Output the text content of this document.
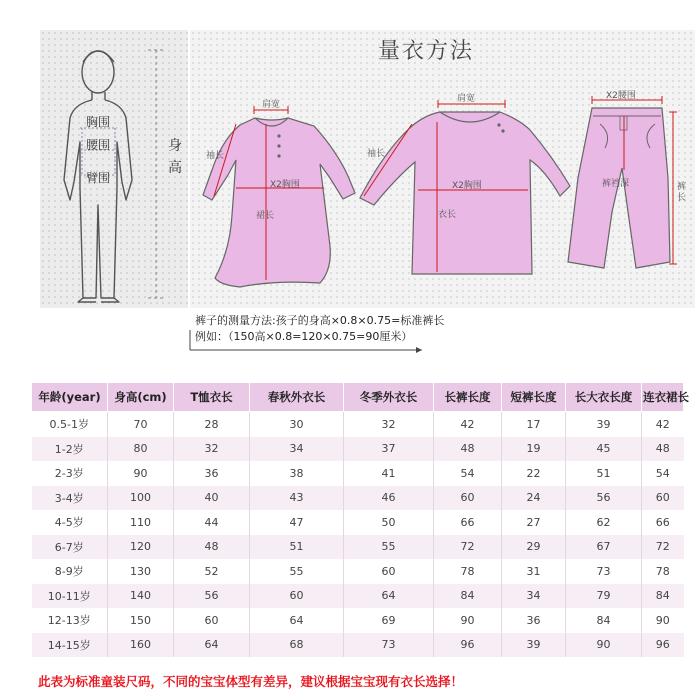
量衣方法
胸围
腰围
臂围
身高
肩宽
袖长
X2胸围
裙长
肩宽
袖长
X2胸围
衣长
X2腰围
裤裆深	裤长
裤子的测量方法:孩子的身高×0.8×0.75=标准裤长
例如：（150高×0.8=120×0.75=90厘米）
年龄(year)	身高(cm)	T恤衣长	春秋外衣长	冬季外衣长	长裤长度	短裤长度	长大衣长度	连衣裙长
0.5-1岁	70	28	30	32	42	17	39	42
1-2岁	80	32	34	37	48	19	45	48
2-3岁	90	36	38	41	54	22	51	54
3-4岁	100	40	43	46	60	24	56	60
4-5岁	110	44	47	50	66	27	62	66
6-7岁	120	48	51	55	72	29	67	72
8-9岁	130	52	55	60	78	31	73	78
10-11岁	140	56	60	64	84	34	79	84
12-13岁	150	60	64	69	90	36	84	90
14-15岁	160	64	68	73	96	39	90	96
此表为标准童装尺码，不同的宝宝体型有差异，建议根据宝宝现有衣长选择！
